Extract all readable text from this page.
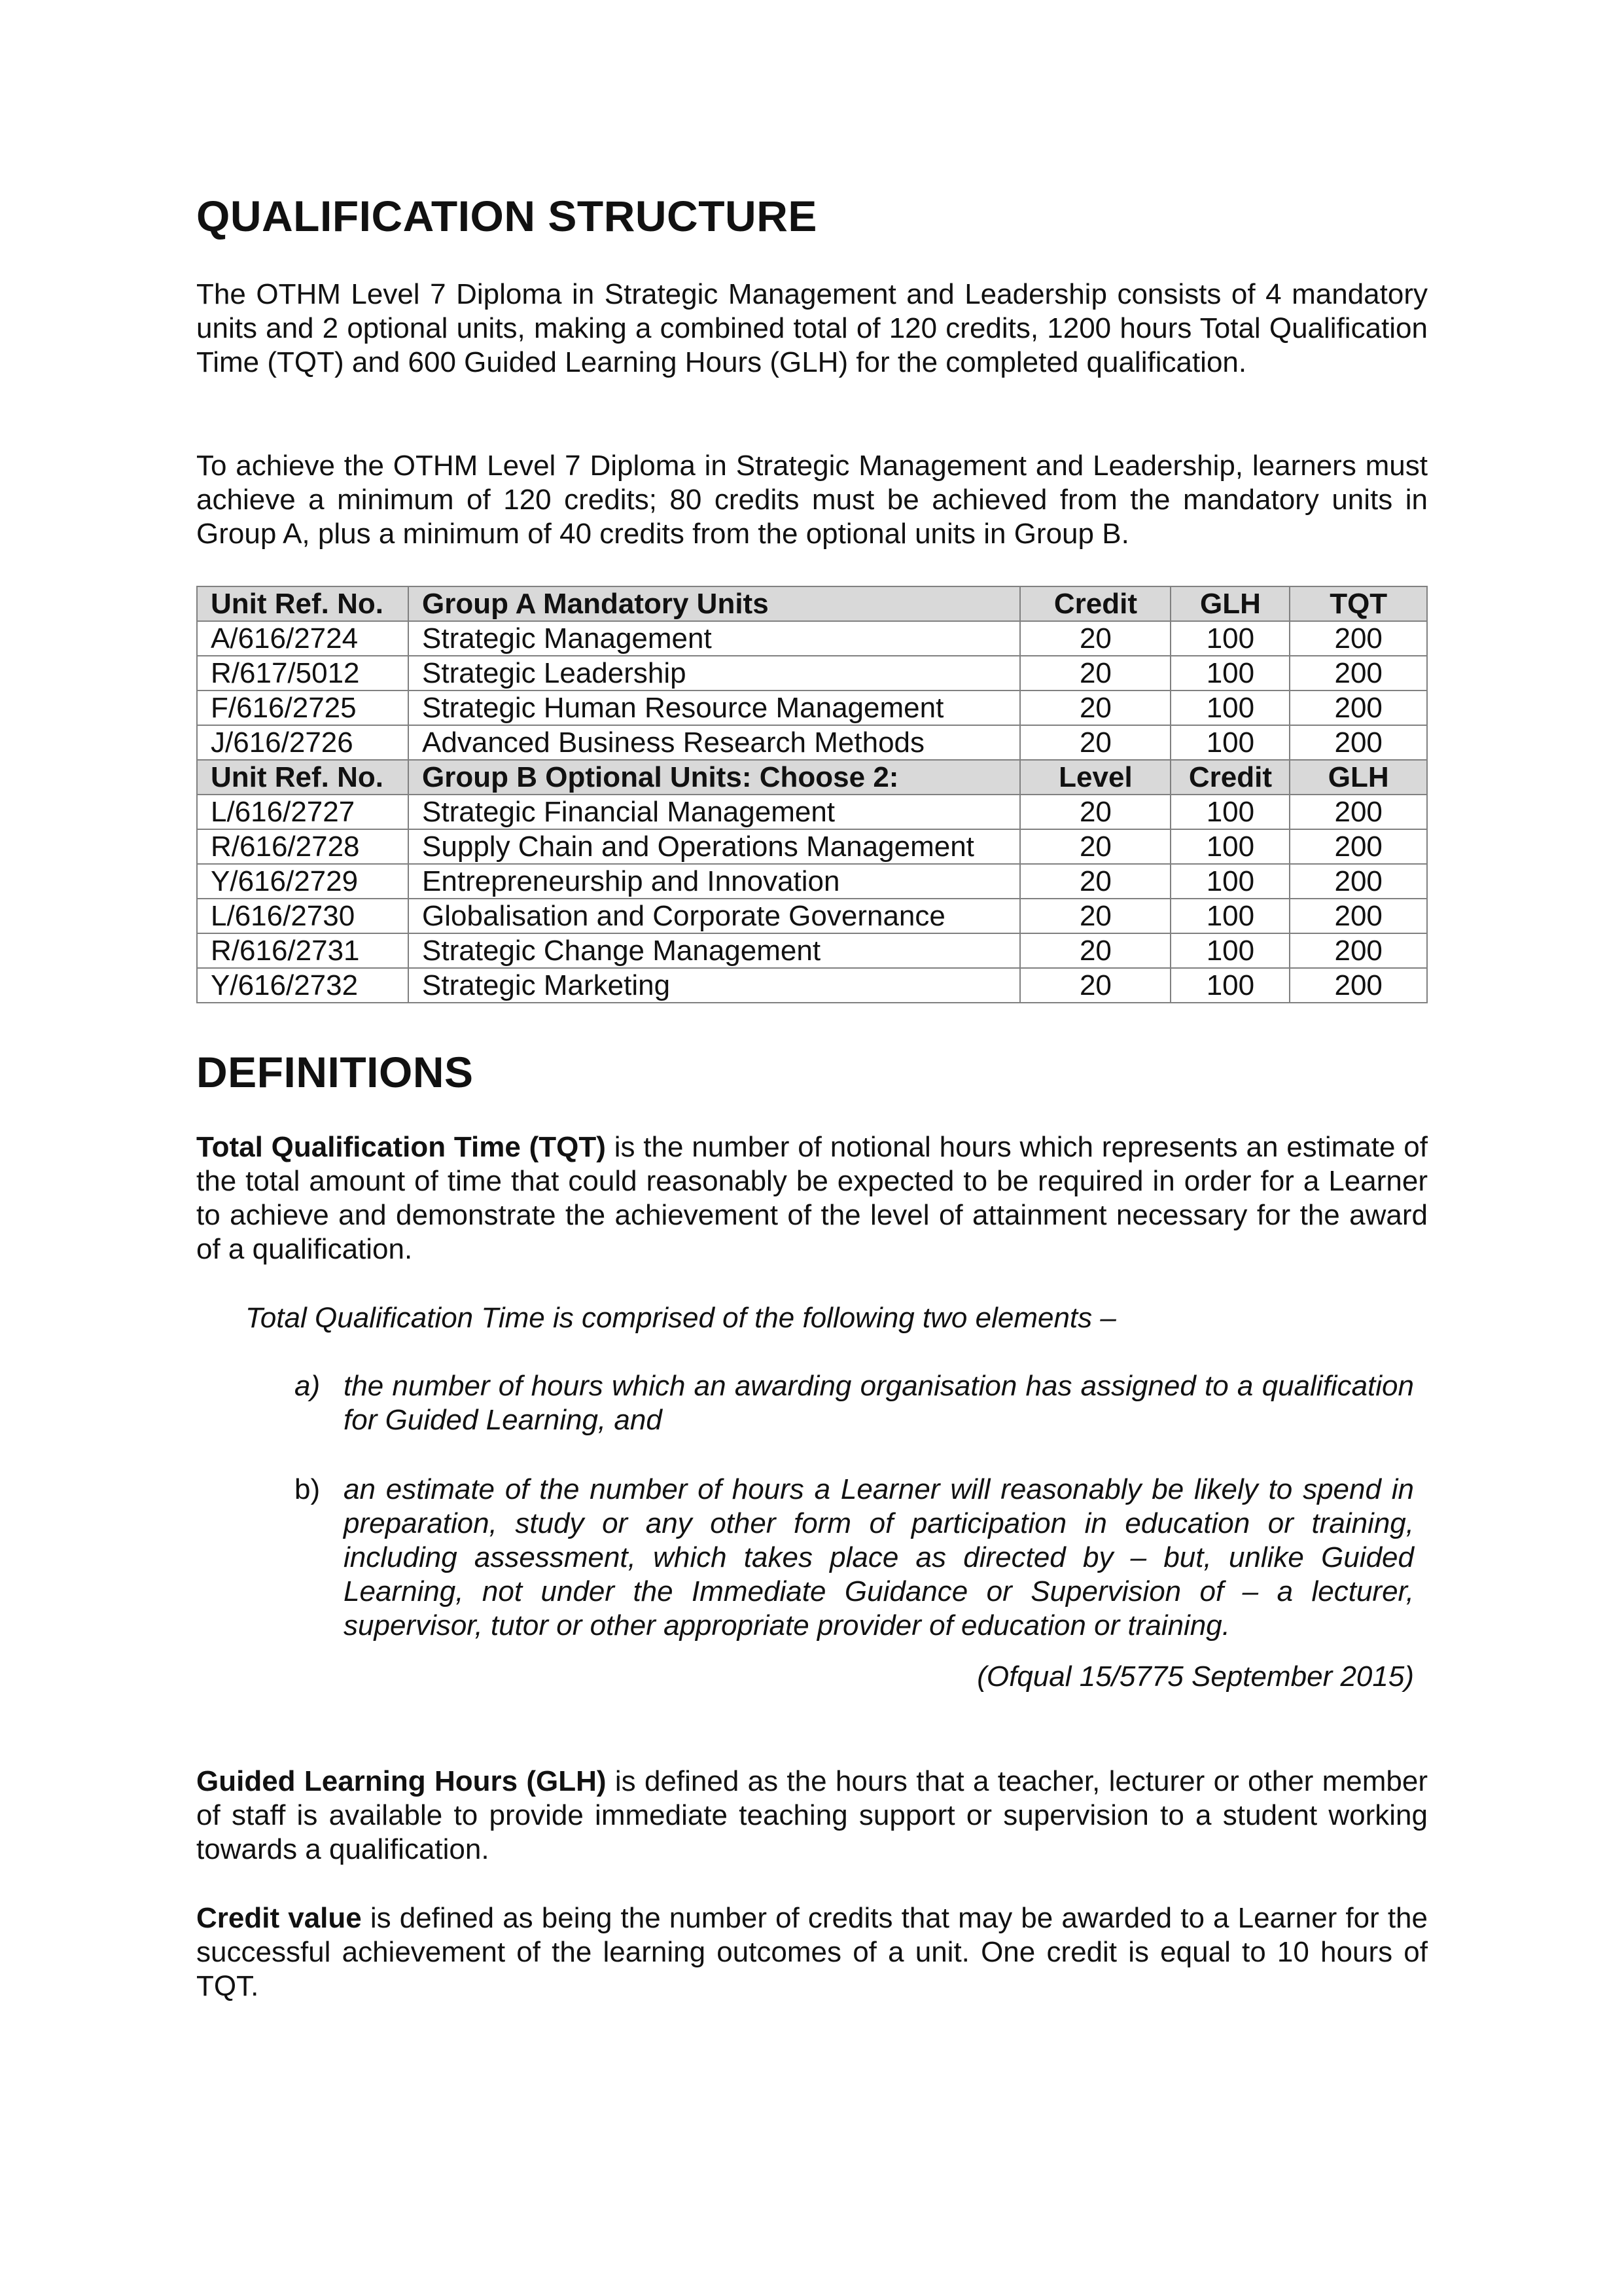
QUALIFICATION STRUCTURE

The OTHM Level 7 Diploma in Strategic Management and Leadership consists of 4 mandatory units and 2 optional units, making a combined total of 120 credits, 1200 hours Total Qualification Time (TQT) and 600 Guided Learning Hours (GLH) for the completed qualification.

To achieve the OTHM Level 7 Diploma in Strategic Management and Leadership, learners must achieve a minimum of 120 credits; 80 credits must be achieved from the mandatory units in Group A, plus a minimum of 40 credits from the optional units in Group B.

Unit Ref. No.	Group A Mandatory Units	Credit	GLH	TQT
A/616/2724	Strategic Management	20	100	200
R/617/5012	Strategic Leadership	20	100	200
F/616/2725	Strategic Human Resource Management	20	100	200
J/616/2726	Advanced Business Research Methods	20	100	200
Unit Ref. No.	Group B Optional Units: Choose 2:	Level	Credit	GLH
L/616/2727	Strategic Financial Management	20	100	200
R/616/2728	Supply Chain and Operations Management	20	100	200
Y/616/2729	Entrepreneurship and Innovation	20	100	200
L/616/2730	Globalisation and Corporate Governance	20	100	200
R/616/2731	Strategic Change Management	20	100	200
Y/616/2732	Strategic Marketing	20	100	200
DEFINITIONS

Total Qualification Time (TQT) is the number of notional hours which represents an estimate of the total amount of time that could reasonably be expected to be required in order for a Learner to achieve and demonstrate the achievement of the level of attainment necessary for the award of a qualification.

Total Qualification Time is comprised of the following two elements –

a) the number of hours which an awarding organisation has assigned to a qualification for Guided Learning, and
b) an estimate of the number of hours a Learner will reasonably be likely to spend in preparation, study or any other form of participation in education or training, including assessment, which takes place as directed by – but, unlike Guided Learning, not under the Immediate Guidance or Supervision of – a lecturer, supervisor, tutor or other appropriate provider of education or training.

(Ofqual 15/5775 September 2015)

Guided Learning Hours (GLH) is defined as the hours that a teacher, lecturer or other member of staff is available to provide immediate teaching support or supervision to a student working towards a qualification.

Credit value is defined as being the number of credits that may be awarded to a Learner for the successful achievement of the learning outcomes of a unit. One credit is equal to 10 hours of TQT.
